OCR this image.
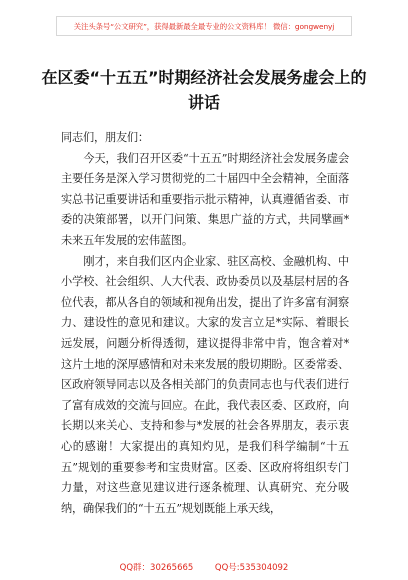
关注头条号“公文研究”，获得最新最全最专业的公文资料库！ 微信：gongwenyj
在区委“十五五”时期经济社会发展务虚会上的讲话

同志们，朋友们：

今天，我们召开区委“十五五”时期经济社会发展务虚会主要任务是深入学习贯彻党的二十届四中全会精神，全面落实总书记重要讲话和重要指示批示精神，认真遵循省委、市委的决策部署，以开门问策、集思广益的方式，共同擘画*未来五年发展的宏伟蓝图。

刚才，来自我们区内企业家、驻区高校、金融机构、中小学校、社会组织、人大代表、政协委员以及基层村居的各位代表，都从各自的领域和视角出发，提出了许多富有洞察力、建设性的意见和建议。大家的发言立足*实际、着眼长远发展，问题分析得透彻，建议提得非常中肯，饱含着对*这片土地的深厚感情和对未来发展的殷切期盼。区委常委、区政府领导同志以及各相关部门的负责同志也与代表们进行了富有成效的交流与回应。在此，我代表区委、区政府，向长期以来关心、支持和参与*发展的社会各界朋友，表示衷心的感谢！大家提出的真知灼见，是我们科学编制“十五五”规划的重要参考和宝贵财富。区委、区政府将组织专门力量，对这些意见建议进行逐条梳理、认真研究、充分吸纳，确保我们的“十五五”规划既能上承天线，

QQ群：30265665        QQ号:535304092
